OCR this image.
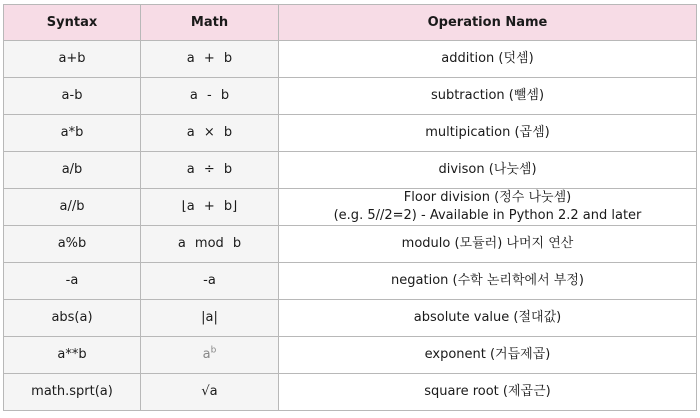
Syntax	Math	Operation Name
a+b	a + b	addition (덧셈)

a-b	a - b	subtraction (뺄셈)

a*b	a × b	multipication (곱셈)

a/b	a ÷ b	divison (나눗셈)

a//b	⌊a + b⌋	Floor division (정수 나눗셈)
(e.g. 5//2=2) - Available in Python 2.2 and later

a%b	a mod b	modulo (모듈러) 나머지 연산

-a	-a	negation (수학 논리학에서 부정)

abs(a)	|a|	absolute value (절대값)

a**b	$a^b$	exponent (거듭제곱)

math.sprt(a)	√a	square root (제곱근)
